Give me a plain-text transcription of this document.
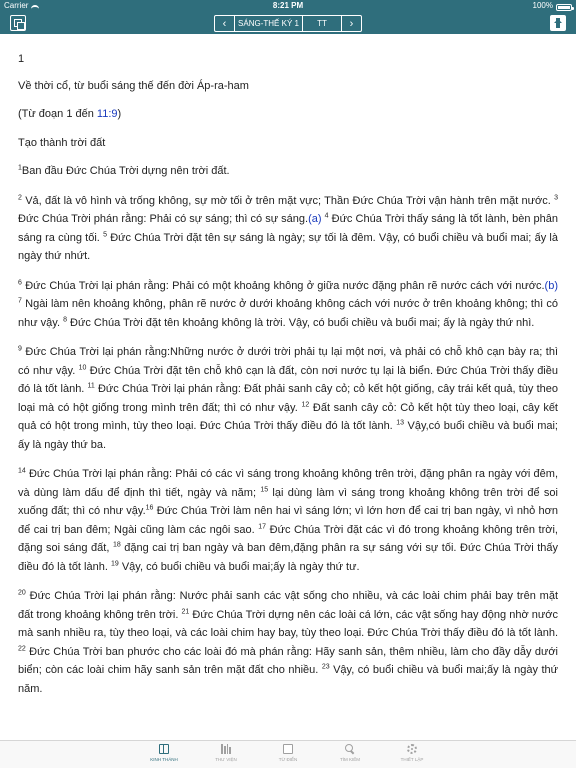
Carrier	8:21 PM	100%
‹	SÁNG-THẾ KÝ 1	TT	›
1
Về thời cổ, từ buổi sáng thế đến đời Áp-ra-ham
(Từ đoạn 1 đến 11:9)
Tạo thành trời đất
$^1$Ban đầu Đức Chúa Trời dựng nên trời đất.
$^2$ Vả, đất là vô hình và trống không, sự mờ tối ở trên mặt vực; Thần Đức Chúa Trời vận hành trên mặt nước. $^3$ Đức Chúa Trời phán rằng: Phải có sự sáng; thì có sự sáng.(a) $^4$ Đức Chúa Trời thấy sáng là tốt lành, bèn phân sáng ra cùng tối. $^5$ Đức Chúa Trời đặt tên sự sáng là ngày; sự tối là đêm. Vậy, có buổi chiều và buổi mai; ấy là ngày thứ nhứt.
$^6$ Đức Chúa Trời lại phán rằng: Phải có một khoảng không ở giữa nước đặng phân rẽ nước cách với nước.(b) $^7$ Ngài làm nên khoảng không, phân rẽ nước ở dưới khoảng không cách với nước ở trên khoảng không; thì có như vậy. $^8$ Đức Chúa Trời đặt tên khoảng không là trời. Vậy, có buổi chiều và buổi mai; ấy là ngày thứ nhì.
$^9$ Đức Chúa Trời lại phán rằng:Những nước ở dưới trời phải tụ lại một nơi, và phải có chỗ khô cạn bày ra; thì có như vậy. $^{10}$ Đức Chúa Trời đặt tên chỗ khô cạn là đất, còn nơi nước tụ lại là biển. Đức Chúa Trời thấy điều đó là tốt lành. $^{11}$ Đức Chúa Trời lại phán rằng: Đất phải sanh cây cỏ; cỏ kết hột giống, cây trái kết quả, tùy theo loại mà có hột giống trong mình trên đất; thì có như vậy. $^{12}$ Đất sanh cây cỏ: Cỏ kết hột tùy theo loại, cây kết quả có hột trong mình, tùy theo loại. Đức Chúa Trời thấy điều đó là tốt lành. $^{13}$ Vậy,có buổi chiều và buổi mai; ấy là ngày thứ ba.
$^{14}$ Đức Chúa Trời lại phán rằng: Phải có các vì sáng trong khoảng không trên trời, đặng phân ra ngày với đêm, và dùng làm dấu để định thì tiết, ngày và năm; $^{15}$ lại dùng làm vì sáng trong khoảng không trên trời để soi xuống đất; thì có như vậy.$^{16}$ Đức Chúa Trời làm nên hai vì sáng lớn; vì lớn hơn để cai trị ban ngày, vì nhỏ hơn để cai trị ban đêm; Ngài cũng làm các ngôi sao. $^{17}$ Đức Chúa Trời đặt các vì đó trong khoảng không trên trời, đặng soi sáng đất, $^{18}$ đặng cai trị ban ngày và ban đêm,đặng phân ra sự sáng với sự tối. Đức Chúa Trời thấy điều đó là tốt lành. $^{19}$ Vậy, có buổi chiều và buổi mai;ấy là ngày thứ tư.
$^{20}$ Đức Chúa Trời lại phán rằng: Nước phải sanh các vật sống cho nhiều, và các loài chim phải bay trên mặt đất trong khoảng không trên trời. $^{21}$ Đức Chúa Trời dựng nên các loài cá lớn, các vật sống hay động nhờ nước mà sanh nhiều ra, tùy theo loại, và các loài chim hay bay, tùy theo loại. Đức Chúa Trời thấy điều đó là tốt lành. $^{22}$ Đức Chúa Trời ban phước cho các loài đó mà phán rằng: Hãy sanh sản, thêm nhiều, làm cho đầy dẫy dưới biển; còn các loài chim hãy sanh sản trên mặt đất cho nhiều. $^{23}$ Vậy, có buổi chiều và buổi mai;ấy là ngày thứ năm.
KINH THÁNH	THƯ VIỆN	TỪ ĐIỂN	TÌM KIẾM	THIẾT LẬP
